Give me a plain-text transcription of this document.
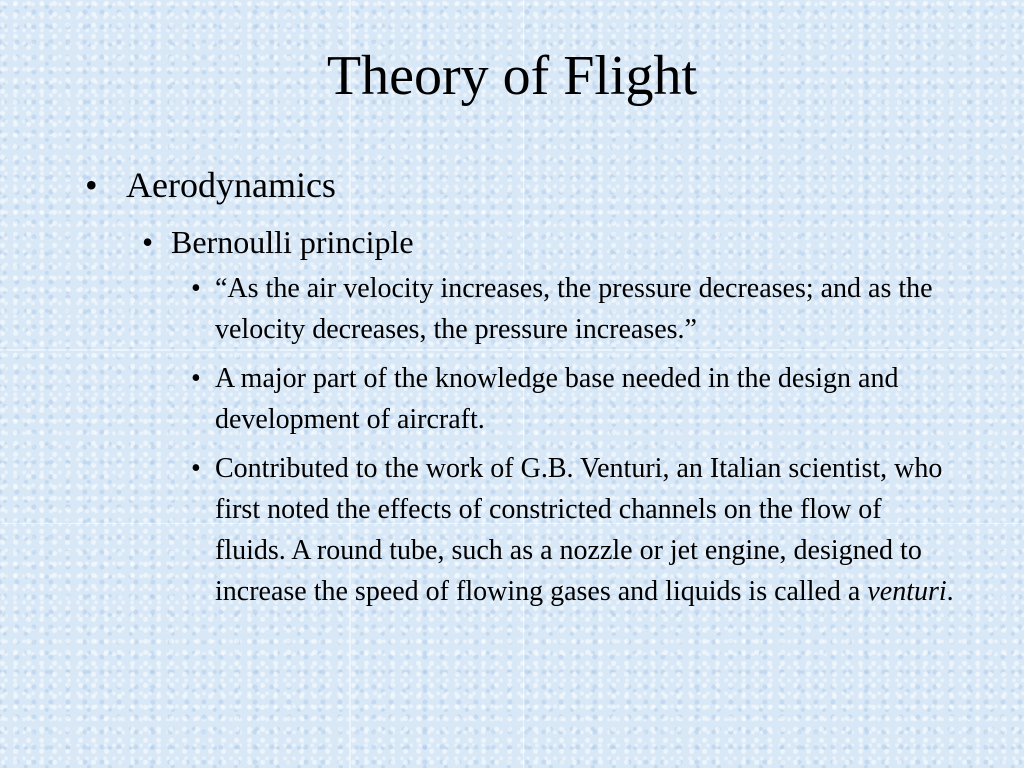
Theory of Flight
• Aerodynamics
• Bernoulli principle
• “As the air velocity increases, the pressure decreases; and as the velocity decreases, the pressure increases.”
• A major part of the knowledge base needed in the design and development of aircraft.
• Contributed to the work of G.B. Venturi, an Italian scientist, who first noted the effects of constricted channels on the flow of fluids. A round tube, such as a nozzle or jet engine, designed to increase the speed of flowing gases and liquids is called a venturi.
